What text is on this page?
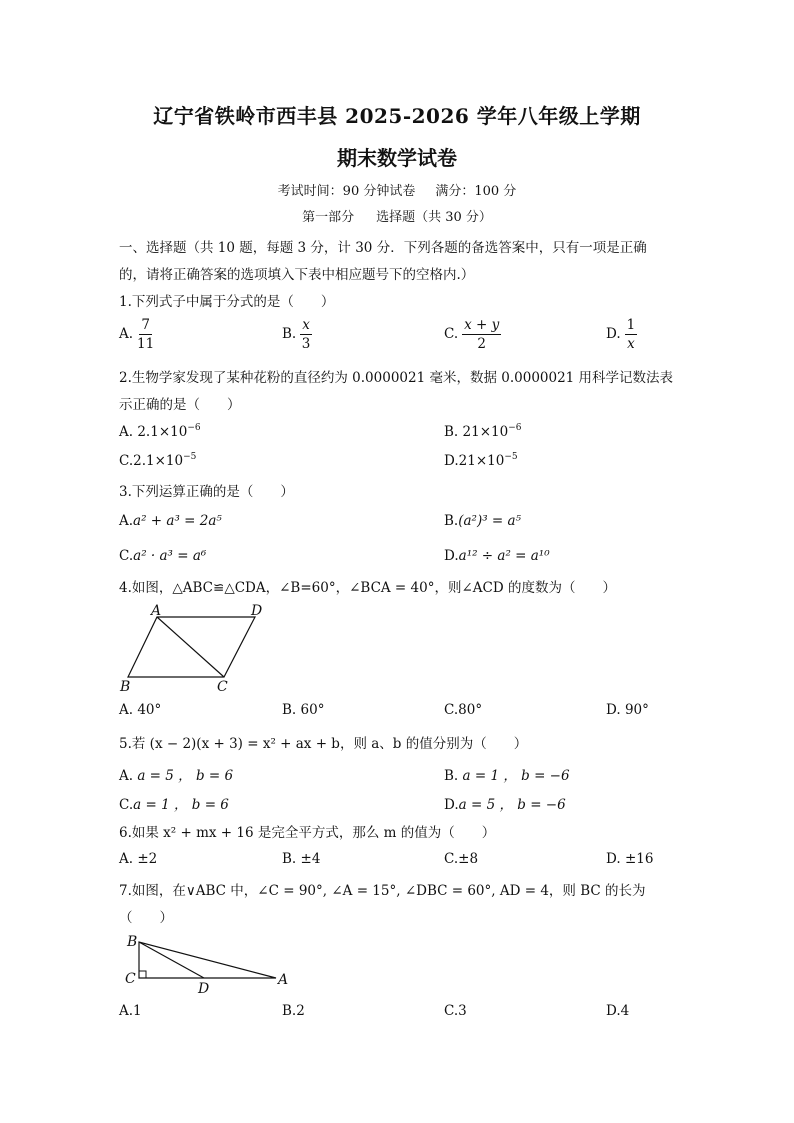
辽宁省铁岭市西丰县 2025-2026 学年八年级上学期
期末数学试卷
考试时间：90 分钟试卷 满分：100 分
第一部分 选择题（共 30 分）
一、选择题（共 10 题，每题 3 分，计 30 分．下列各题的备选答案中，只有一项是正确
的，请将正确答案的选项填入下表中相应题号下的空格内.）
1.下列式子中属于分式的是（　　）
A. $\frac{7}{11}$	B. $\frac{x}{3}$	C. $\frac{x + y}{2}$	D. $\frac{1}{x}$
2.生物学家发现了某种花粉的直径约为 0.0000021 毫米，数据 0.0000021 用科学记数法表
示正确的是（　　）
A. $2.1\times 10^{-6}$	B. $21\times 10^{-6}$
$C.2.1\times 10^{-5}$	$D.21\times 10^{-5}$
3.下列运算正确的是（　　）
A.a² + a³ = 2a⁵	B.(a²)³ = a⁵
C.a² · a³ = a⁶	D.a¹² ÷ a² = a¹⁰
4.如图，△ABC≌△CDA，∠B=60°，∠BCA = 40°，则∠ACD 的度数为（　　）
A	D
B	C
A. 40°	B. 60°	C.80°	D. 90°
5.若 (x − 2)(x + 3) = x² + ax + b，则 a、b 的值分别为（　　）
A. a = 5 ， b = 6	B. a = 1 ， b = −6
C.a = 1 ， b = 6	D.a = 5 ， b = −6
6.如果 x² + mx + 16 是完全平方式，那么 m 的值为（　　）
A. ±2	B. ±4	C.±8	D. ±16
7.如图，在∨ABC 中，∠C = 90°, ∠A = 15°, ∠DBC = 60°, AD = 4，则 BC 的长为
（　　）
B
C
D
A
A.1	B.2	C.3	D.4
